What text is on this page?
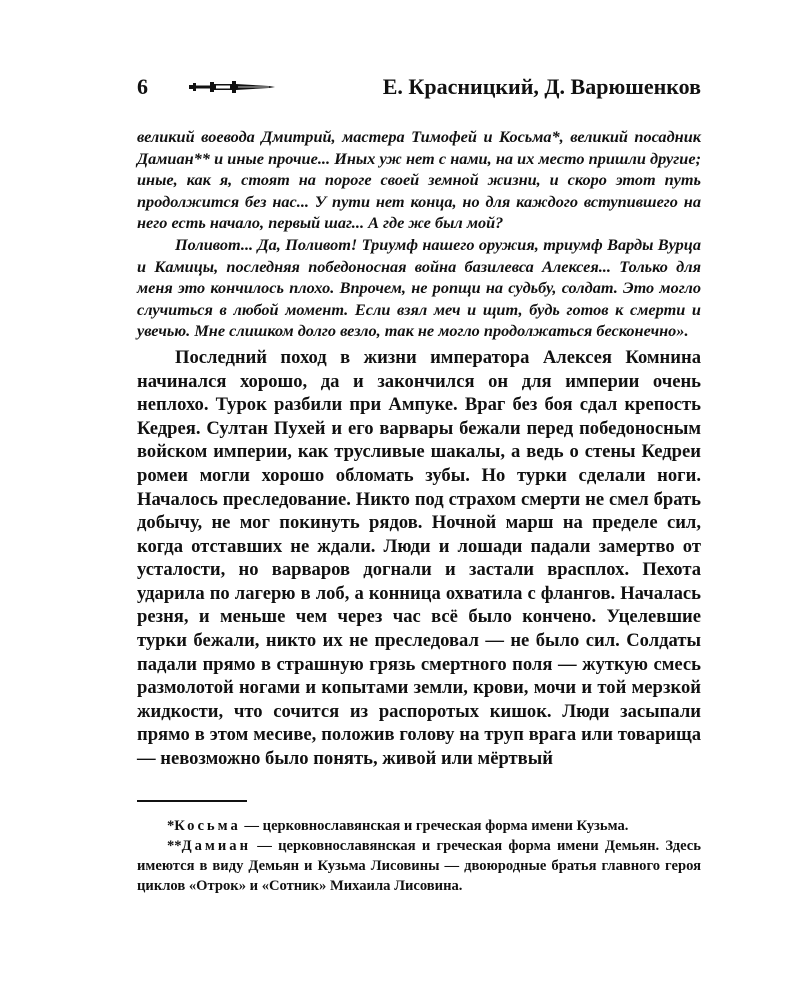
6	Е. Красницкий, Д. Варюшенков

великий воевода Дмитрий, мастера Тимофей и Косьма*, великий посадник Дамиан** и иные прочие... Иных уж нет с нами, на их место пришли другие; иные, как я, стоят на пороге своей земной жизни, и скоро этот путь продолжится без нас... У пути нет конца, но для каждого вступившего на него есть начало, первый шаг... А где же был мой?

Поливот... Да, Поливот! Триумф нашего оружия, триумф Варды Вурца и Камицы, последняя победоносная война базилевса Алексея... Только для меня это кончилось плохо. Впрочем, не ропщи на судьбу, солдат. Это могло случиться в любой момент. Если взял меч и щит, будь готов к смерти и увечью. Мне слишком долго везло, так не могло продолжаться бесконечно».

Последний поход в жизни императора Алексея Комнина начинался хорошо, да и закончился он для империи очень неплохо. Турок разбили при Ампуке. Враг без боя сдал крепость Кедрея. Султан Пухей и его варвары бежали перед победоносным войском империи, как трусливые шакалы, а ведь о стены Кедреи ромеи могли хорошо обломать зубы. Но турки сделали ноги. Началось преследование. Никто под страхом смерти не смел брать добычу, не мог покинуть рядов. Ночной марш на пределе сил, когда отставших не ждали. Люди и лошади падали замертво от усталости, но варваров догнали и застали врасплох. Пехота ударила по лагерю в лоб, а конница охватила с флангов. Началась резня, и меньше чем через час всё было кончено. Уцелевшие турки бежали, никто их не преследовал — не было сил. Солдаты падали прямо в страшную грязь смертного поля — жуткую смесь размолотой ногами и копытами земли, крови, мочи и той мерзкой жидкости, что сочится из распоротых кишок. Люди засыпали прямо в этом месиве, положив голову на труп врага или товарища — невозможно было понять, живой или мёртвый

*Косьма — церковнославянская и греческая форма имени Кузьма.

**Дамиан — церковнославянская и греческая форма имени Демьян. Здесь имеются в виду Демьян и Кузьма Лисовины — двоюродные братья главного героя циклов «Отрок» и «Сотник» Михаила Лисовина.
